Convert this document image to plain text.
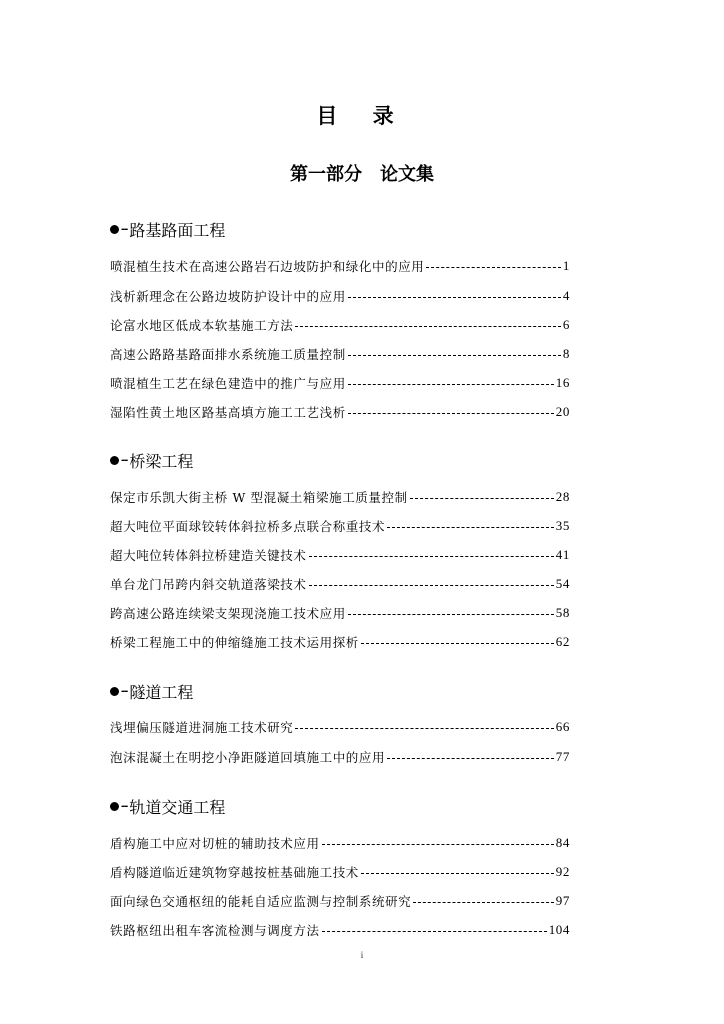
目 录
第一部分　论文集
-- 路基路面工程
喷混植生技术在高速公路岩石边坡防护和绿化中的应用	1
浅析新理念在公路边坡防护设计中的应用	4
论富水地区低成本软基施工方法	6
高速公路路基路面排水系统施工质量控制	8
喷混植生工艺在绿色建造中的推广与应用	16
湿陷性黄土地区路基高填方施工工艺浅析	20
-- 桥梁工程
保定市乐凯大街主桥 W 型混凝土箱梁施工质量控制	28
超大吨位平面球铰转体斜拉桥多点联合称重技术	35
超大吨位转体斜拉桥建造关键技术	41
单台龙门吊跨内斜交轨道落梁技术	54
跨高速公路连续梁支架现浇施工技术应用	58
桥梁工程施工中的伸缩缝施工技术运用探析	62
-- 隧道工程
浅埋偏压隧道进洞施工技术研究	66
泡沫混凝土在明挖小净距隧道回填施工中的应用	77
-- 轨道交通工程
盾构施工中应对切桩的辅助技术应用	84
盾构隧道临近建筑物穿越按桩基础施工技术	92
面向绿色交通枢纽的能耗自适应监测与控制系统研究	97
铁路枢纽出租车客流检测与调度方法	104
i
